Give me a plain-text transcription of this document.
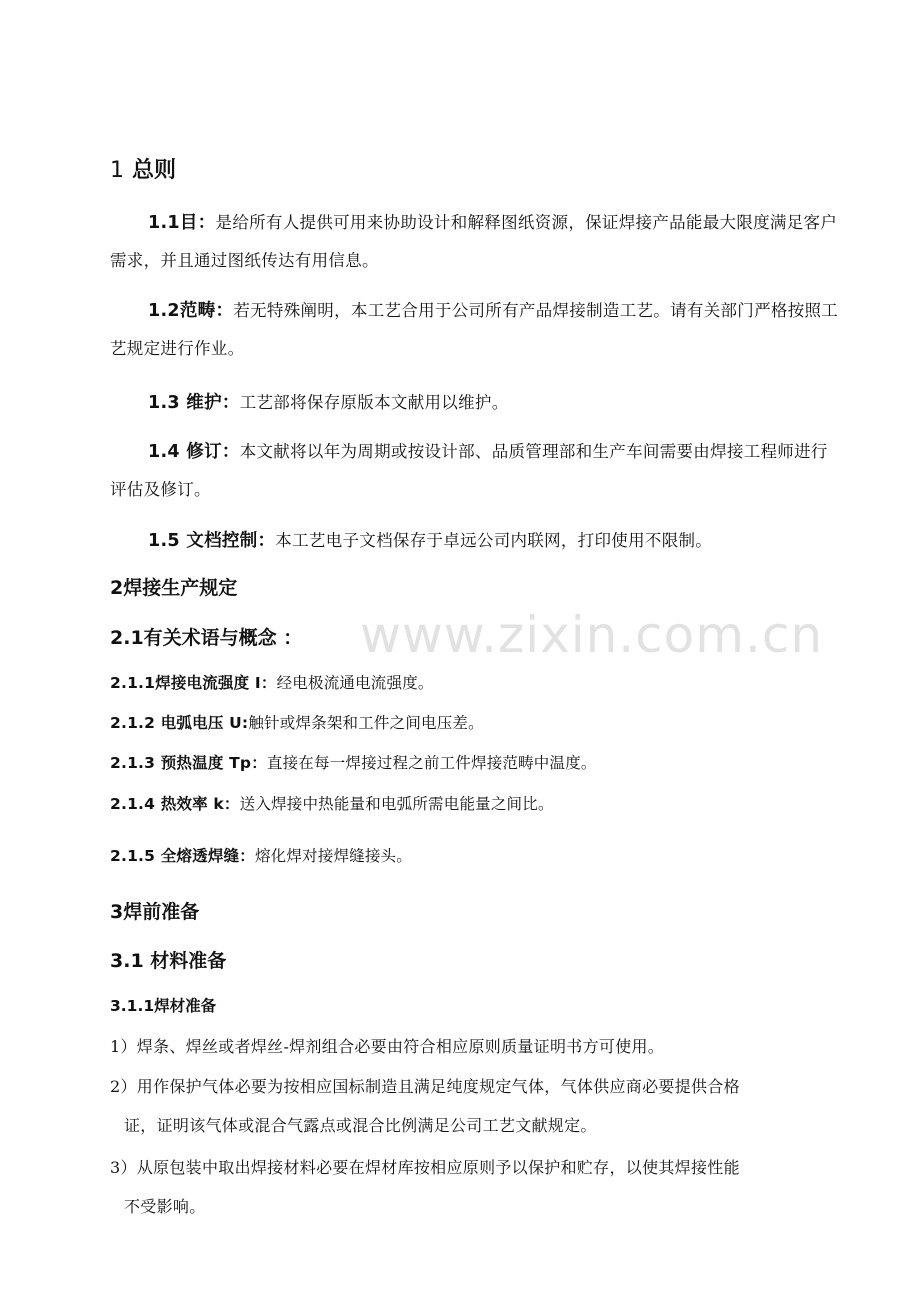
www.zixin.com.cn
1 总则

1.1目：是给所有人提供可用来协助设计和解释图纸资源，保证焊接产品能最大限度满足客户需求，并且通过图纸传达有用信息。

1.2范畴：若无特殊阐明，本工艺合用于公司所有产品焊接制造工艺。请有关部门严格按照工艺规定进行作业。

1.3 维护：工艺部将保存原版本文献用以维护。

1.4 修订：本文献将以年为周期或按设计部、品质管理部和生产车间需要由焊接工程师进行评估及修订。

1.5 文档控制：本工艺电子文档保存于卓远公司内联网，打印使用不限制。

2焊接生产规定
2.1有关术语与概念 ：

2.1.1焊接电流强度 I：经电极流通电流强度。

2.1.2 电弧电压 U:触针或焊条架和工件之间电压差。

2.1.3 预热温度 Tp：直接在每一焊接过程之前工件焊接范畴中温度。

2.1.4 热效率 k：送入焊接中热能量和电弧所需电能量之间比。

2.1.5 全熔透焊缝：熔化焊对接焊缝接头。

3焊前准备
3.1 材料准备
3.1.1焊材准备

1）焊条、焊丝或者焊丝-焊剂组合必要由符合相应原则质量证明书方可使用。

2）用作保护气体必要为按相应国标制造且满足纯度规定气体，气体供应商必要提供合格
证，证明该气体或混合气露点或混合比例满足公司工艺文献规定。

3）从原包装中取出焊接材料必要在焊材库按相应原则予以保护和贮存，以使其焊接性能
不受影响。
